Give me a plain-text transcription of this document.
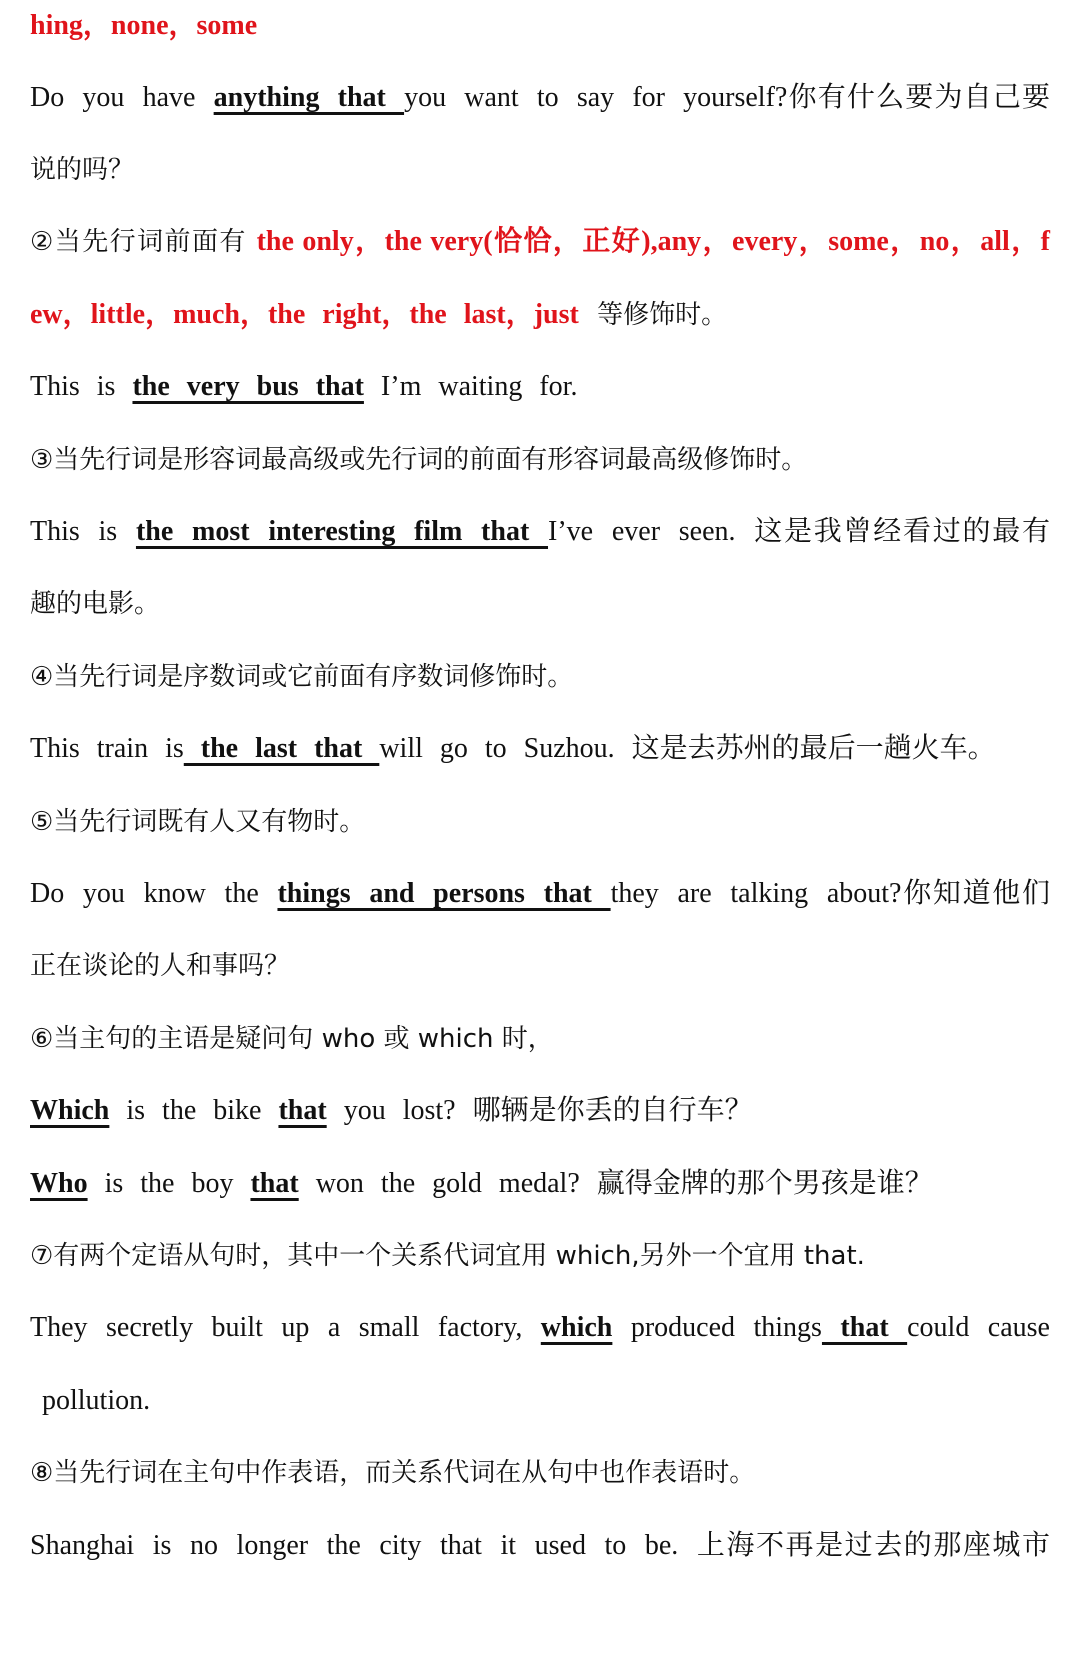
hing，none，some
Do you have anything that you want to say for yourself?你有什么要为自己要
说的吗？
②当先行词前面有 the only，the very(恰恰，正好),any，every，some，no，all，f
ew，little，much，the right，the last，just 等修饰时。
This is the very bus that I’m waiting for.
③当先行词是形容词最高级或先行词的前面有形容词最高级修饰时。
This is the most interesting film that I’ve ever seen. 这是我曾经看过的最有
趣的电影。
④当先行词是序数词或它前面有序数词修饰时。
This train is the last that will go to Suzhou. 这是去苏州的最后一趟火车。
⑤当先行词既有人又有物时。
Do you know the things and persons that they are talking about?你知道他们
正在谈论的人和事吗？
⑥当主句的主语是疑问句 who 或 which 时，
Which is the bike that you lost? 哪辆是你丢的自行车？
Who is the boy that won the gold medal? 赢得金牌的那个男孩是谁？
⑦有两个定语从句时，其中一个关系代词宜用 which,另外一个宜用 that.
They secretly built up a small factory, which produced things that could cause
pollution.
⑧当先行词在主句中作表语，而关系代词在从句中也作表语时。
Shanghai is no longer the city that it used to be. 上海不再是过去的那座城市
